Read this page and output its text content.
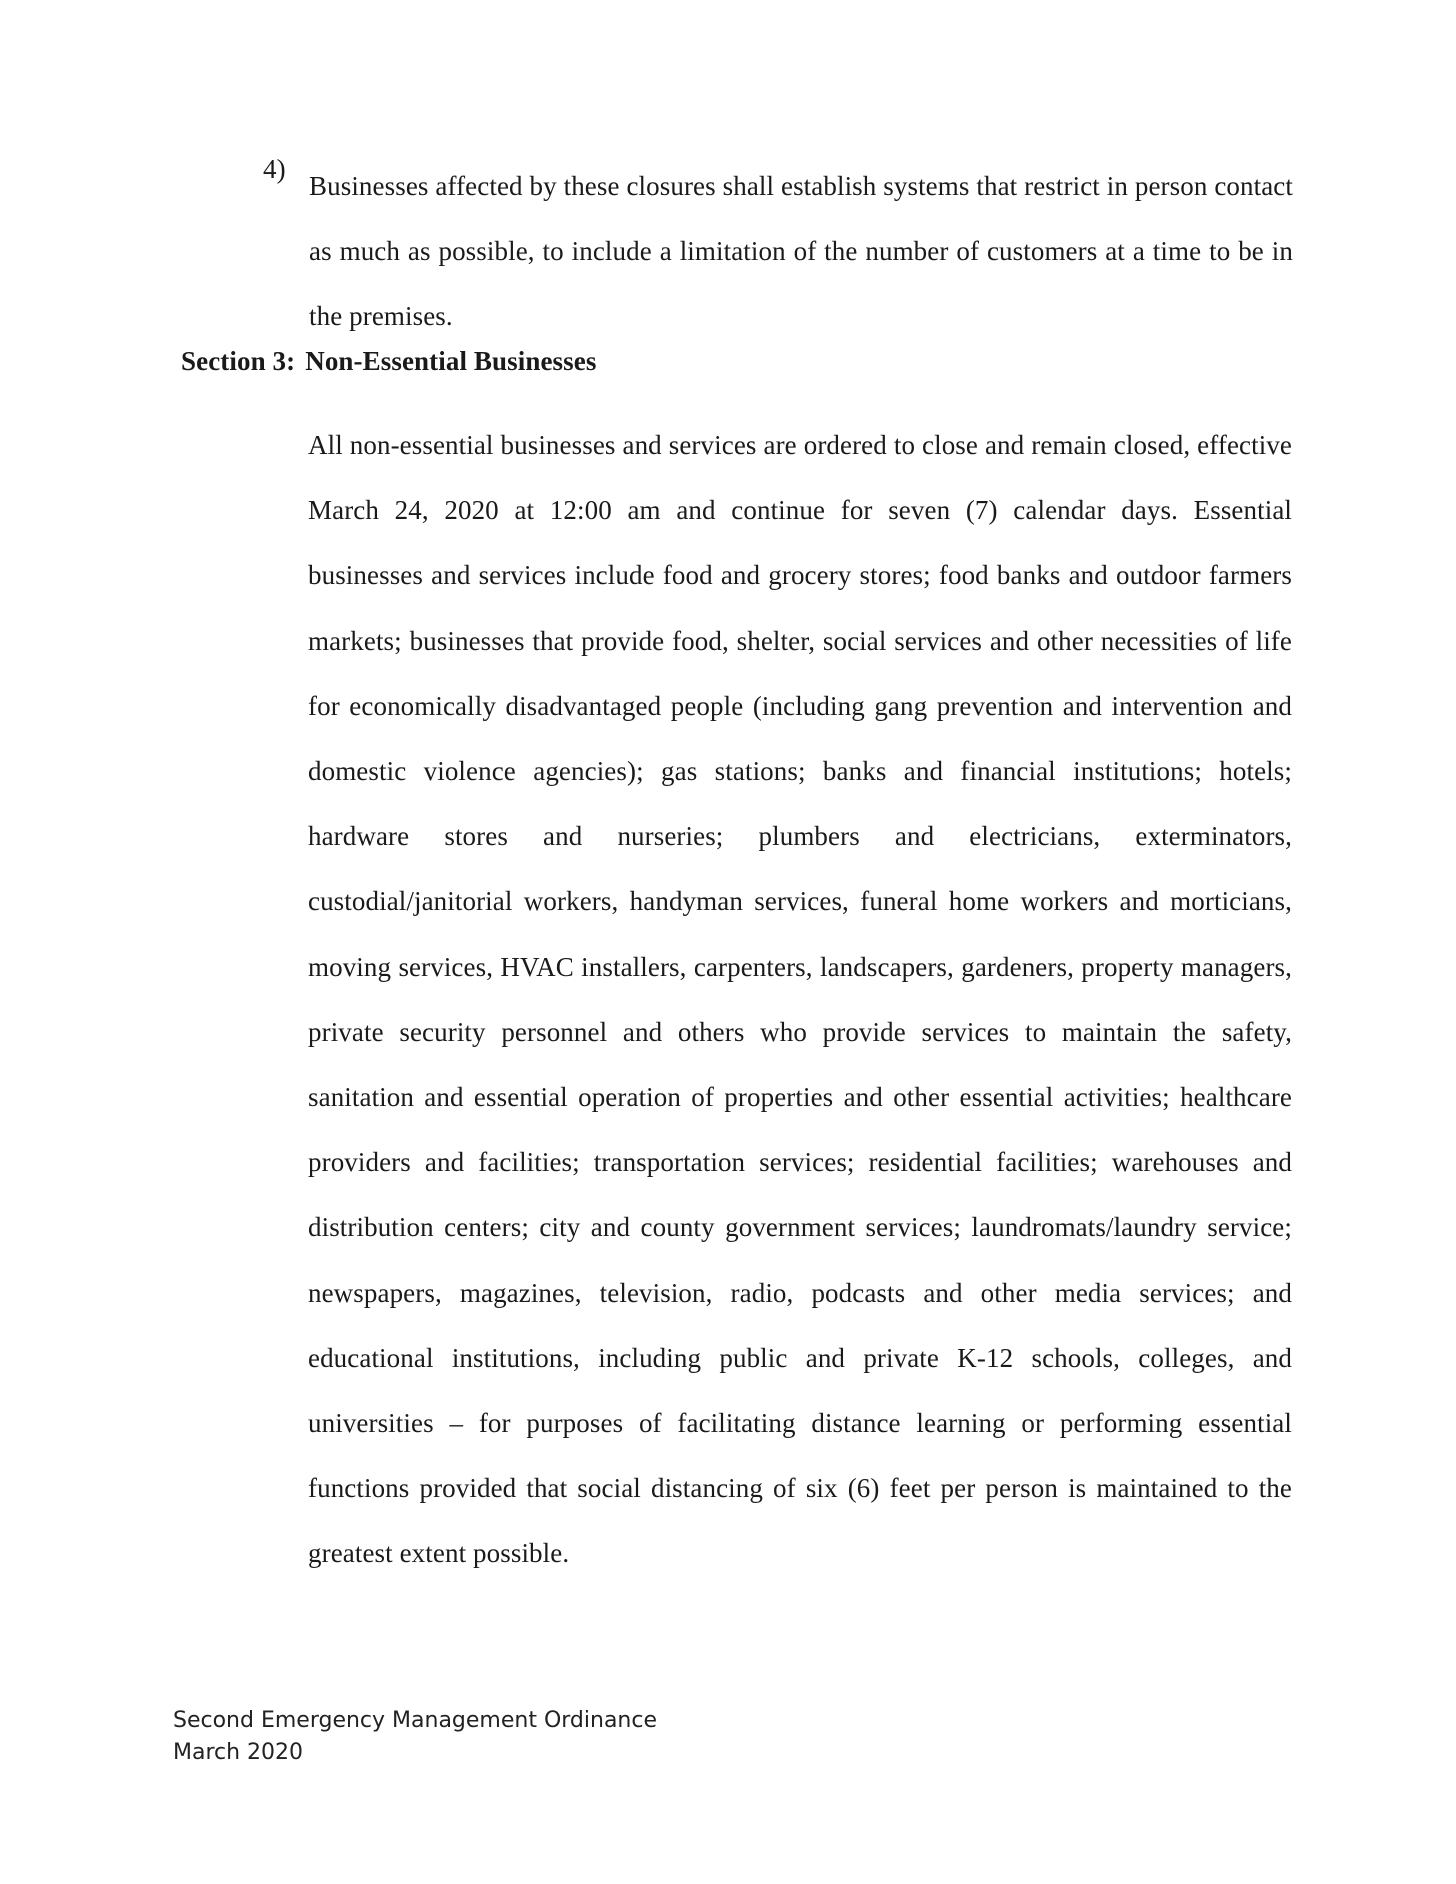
4)
Businesses affected by these closures shall establish systems that restrict in person contact as much as possible, to include a limitation of the number of customers at a time to be in the premises.
Section 3: Non-Essential Businesses
All non-essential businesses and services are ordered to close and remain closed, effective March 24, 2020 at 12:00 am and continue for seven (7) calendar days. Essential businesses and services include food and grocery stores; food banks and outdoor farmers markets; businesses that provide food, shelter, social services and other necessities of life for economically disadvantaged people (including gang prevention and intervention and domestic violence agencies); gas stations; banks and financial institutions; hotels; hardware stores and nurseries; plumbers and electricians, exterminators, custodial/janitorial workers, handyman services, funeral home workers and morticians, moving services, HVAC installers, carpenters, landscapers, gardeners, property managers, private security personnel and others who provide services to maintain the safety, sanitation and essential operation of properties and other essential activities; healthcare providers and facilities; transportation services; residential facilities; warehouses and distribution centers; city and county government services; laundromats/laundry service; newspapers, magazines, television, radio, podcasts and other media services; and educational institutions, including public and private K-12 schools, colleges, and universities – for purposes of facilitating distance learning or performing essential functions provided that social distancing of six (6) feet per person is maintained to the greatest extent possible.
Second Emergency Management Ordinance
March 2020
